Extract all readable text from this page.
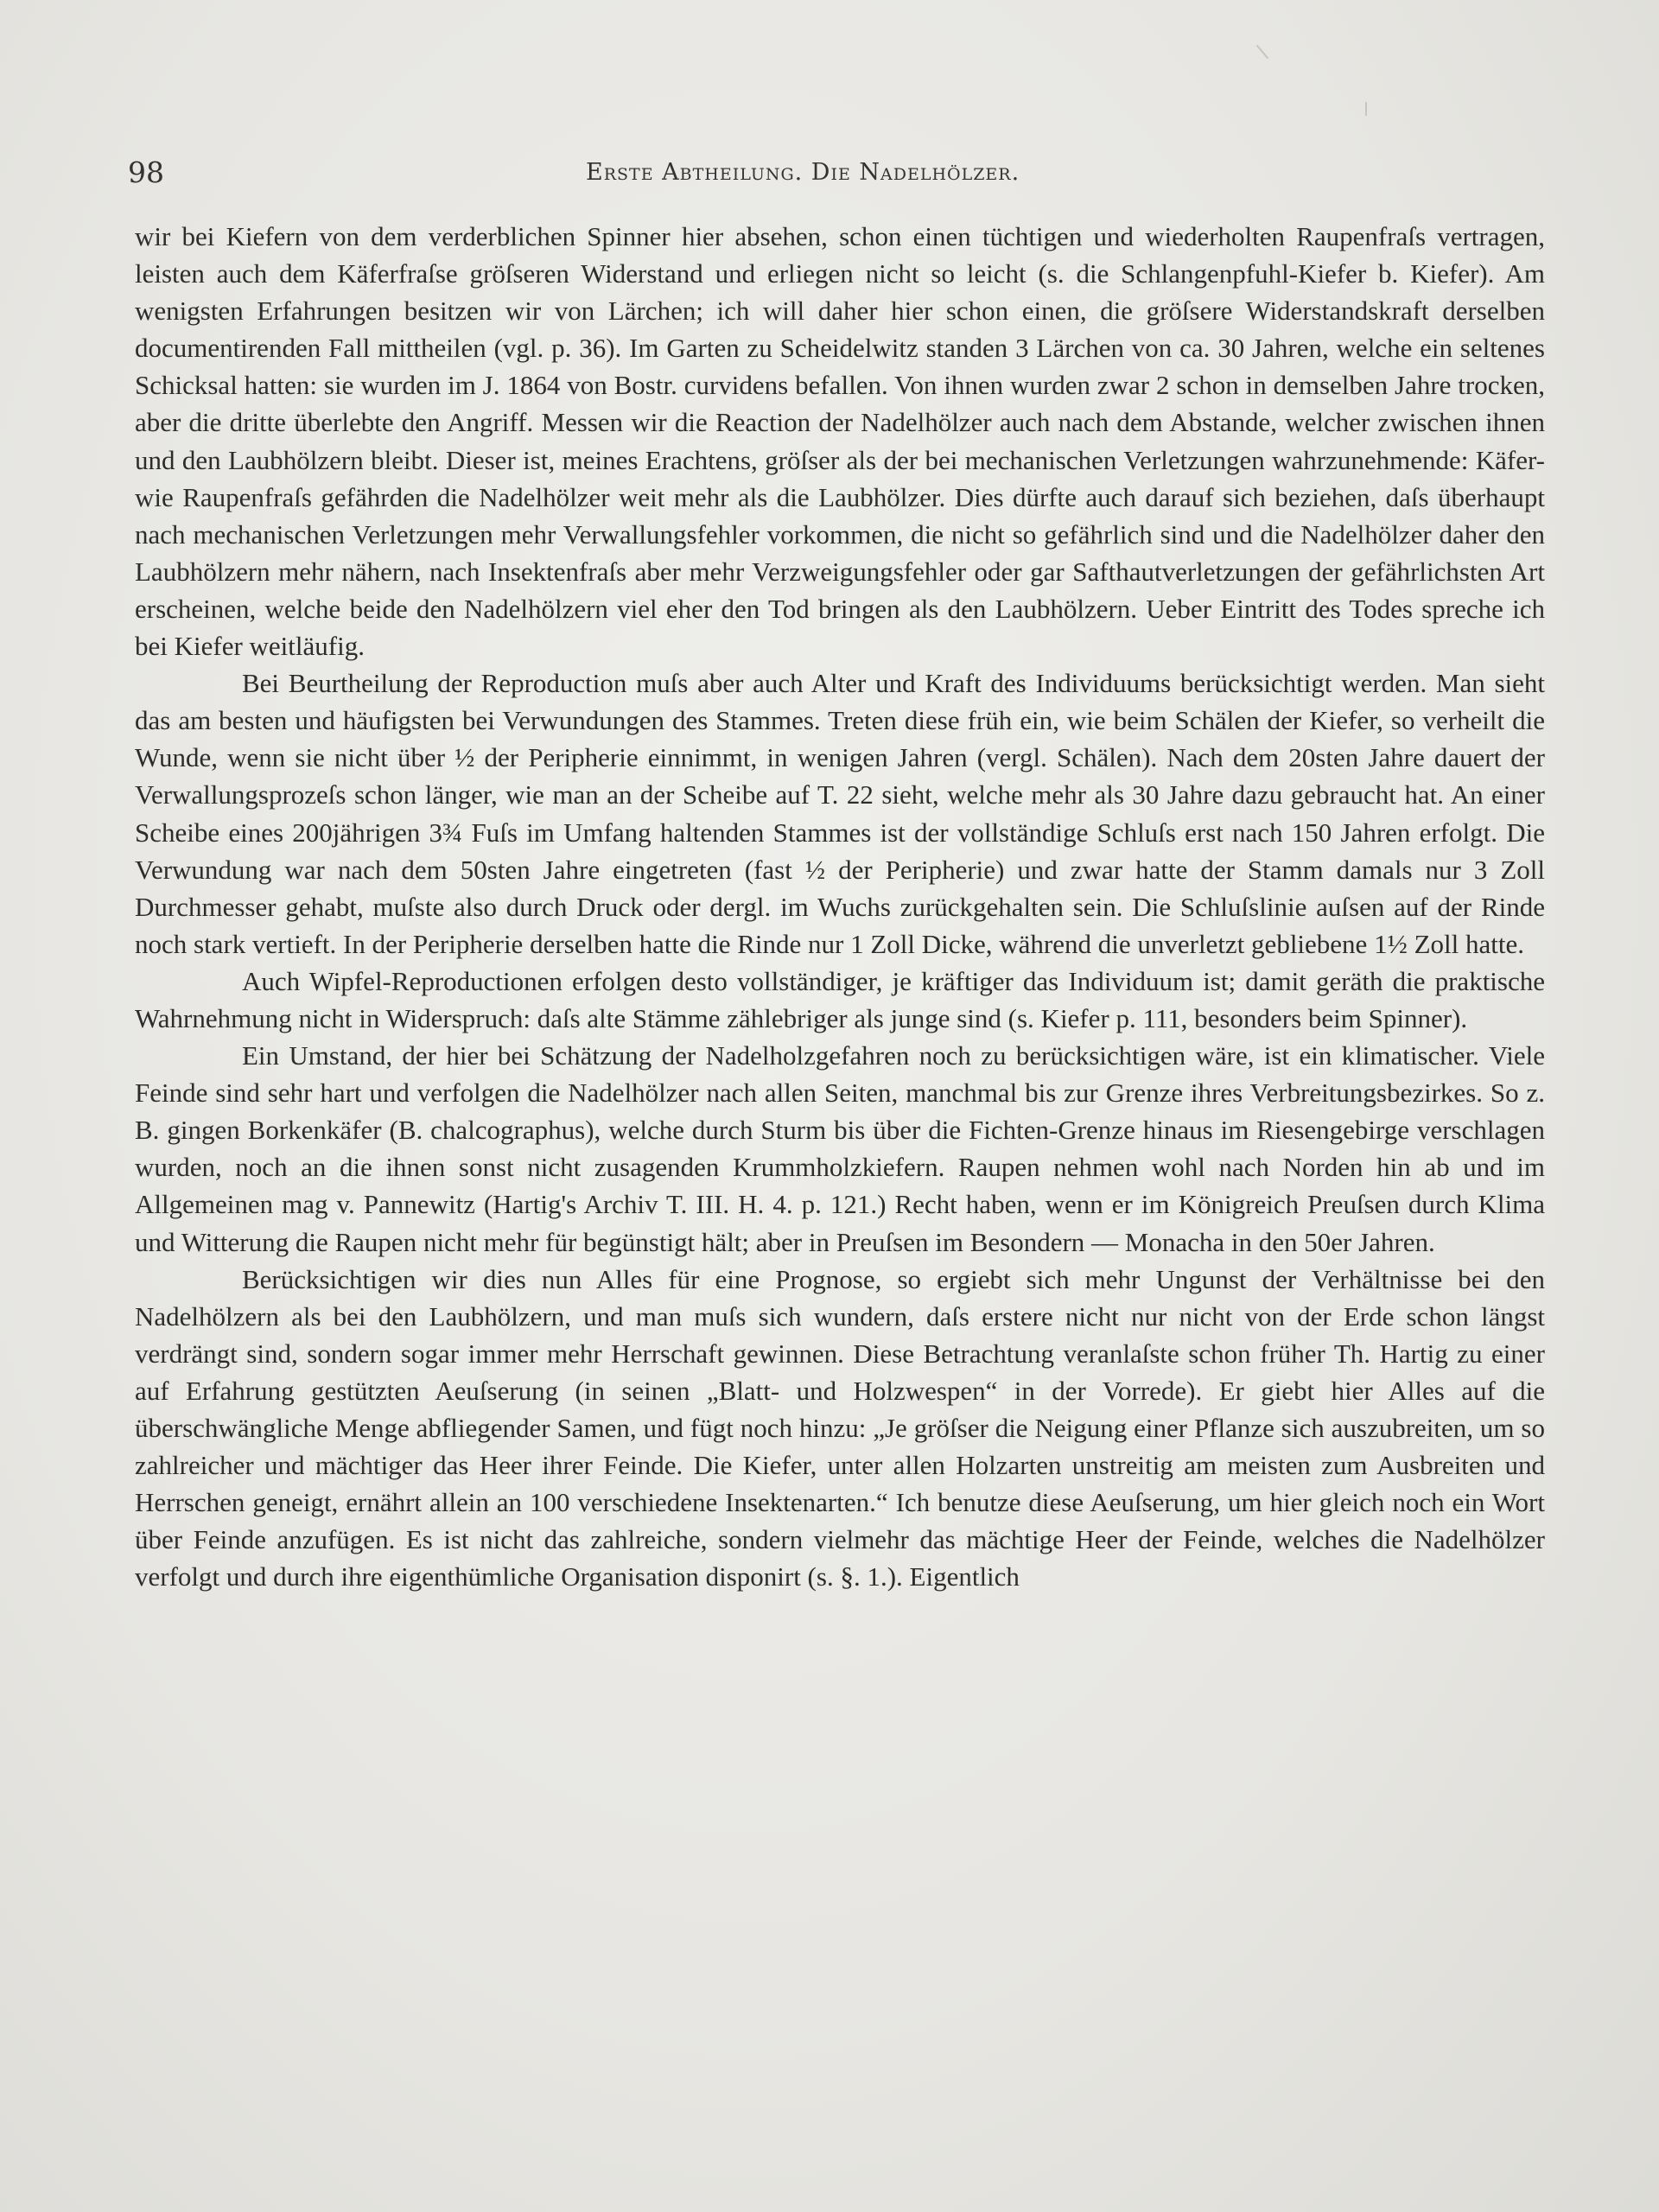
98	Erste Abtheilung. Die Nadelhölzer.

wir bei Kiefern von dem verderblichen Spinner hier absehen, schon einen tüchtigen und wiederholten Raupenfraſs vertragen, leisten auch dem Käferfraſse gröſseren Widerstand und erliegen nicht so leicht (s. die Schlangenpfuhl-Kiefer b. Kiefer). Am wenigsten Erfahrungen besitzen wir von Lärchen; ich will daher hier schon einen, die gröſsere Widerstandskraft derselben documentirenden Fall mittheilen (vgl. p. 36). Im Garten zu Scheidelwitz standen 3 Lärchen von ca. 30 Jahren, welche ein seltenes Schicksal hatten: sie wurden im J. 1864 von Bostr. curvidens befallen. Von ihnen wurden zwar 2 schon in demselben Jahre trocken, aber die dritte überlebte den Angriff. Messen wir die Reaction der Nadelhölzer auch nach dem Abstande, welcher zwischen ihnen und den Laubhölzern bleibt. Dieser ist, meines Erachtens, gröſser als der bei mechanischen Verletzungen wahrzunehmende: Käfer- wie Raupenfraſs gefährden die Nadelhölzer weit mehr als die Laubhölzer. Dies dürfte auch darauf sich beziehen, daſs überhaupt nach mechanischen Verletzungen mehr Verwallungsfehler vorkommen, die nicht so gefährlich sind und die Nadelhölzer daher den Laubhölzern mehr nähern, nach Insektenfraſs aber mehr Verzweigungsfehler oder gar Safthautverletzungen der gefährlichsten Art erscheinen, welche beide den Nadelhölzern viel eher den Tod bringen als den Laubhölzern. Ueber Eintritt des Todes spreche ich bei Kiefer weitläufig.

Bei Beurtheilung der Reproduction muſs aber auch Alter und Kraft des Individuums berücksichtigt werden. Man sieht das am besten und häufigsten bei Verwundungen des Stammes. Treten diese früh ein, wie beim Schälen der Kiefer, so verheilt die Wunde, wenn sie nicht über ½ der Peripherie einnimmt, in wenigen Jahren (vergl. Schälen). Nach dem 20sten Jahre dauert der Verwallungsprozeſs schon länger, wie man an der Scheibe auf T. 22 sieht, welche mehr als 30 Jahre dazu gebraucht hat. An einer Scheibe eines 200jährigen 3¾ Fuſs im Umfang haltenden Stammes ist der vollständige Schluſs erst nach 150 Jahren erfolgt. Die Verwundung war nach dem 50sten Jahre eingetreten (fast ½ der Peripherie) und zwar hatte der Stamm damals nur 3 Zoll Durchmesser gehabt, muſste also durch Druck oder dergl. im Wuchs zurückgehalten sein. Die Schluſslinie auſsen auf der Rinde noch stark vertieft. In der Peripherie derselben hatte die Rinde nur 1 Zoll Dicke, während die unverletzt gebliebene 1½ Zoll hatte.

Auch Wipfel-Reproductionen erfolgen desto vollständiger, je kräftiger das Individuum ist; damit geräth die praktische Wahrnehmung nicht in Widerspruch: daſs alte Stämme zählebriger als junge sind (s. Kiefer p. 111, besonders beim Spinner).

Ein Umstand, der hier bei Schätzung der Nadelholzgefahren noch zu berücksichtigen wäre, ist ein klimatischer. Viele Feinde sind sehr hart und verfolgen die Nadelhölzer nach allen Seiten, manchmal bis zur Grenze ihres Verbreitungsbezirkes. So z. B. gingen Borkenkäfer (B. chalcographus), welche durch Sturm bis über die Fichten-Grenze hinaus im Riesengebirge verschlagen wurden, noch an die ihnen sonst nicht zusagenden Krummholzkiefern. Raupen nehmen wohl nach Norden hin ab und im Allgemeinen mag v. Pannewitz (Hartig's Archiv T. III. H. 4. p. 121.) Recht haben, wenn er im Königreich Preuſsen durch Klima und Witterung die Raupen nicht mehr für begünstigt hält; aber in Preuſsen im Besondern — Monacha in den 50er Jahren.

Berücksichtigen wir dies nun Alles für eine Prognose, so ergiebt sich mehr Ungunst der Verhältnisse bei den Nadelhölzern als bei den Laubhölzern, und man muſs sich wundern, daſs erstere nicht nur nicht von der Erde schon längst verdrängt sind, sondern sogar immer mehr Herrschaft gewinnen. Diese Betrachtung veranlaſste schon früher Th. Hartig zu einer auf Erfahrung gestützten Aeuſserung (in seinen „Blatt- und Holzwespen“ in der Vorrede). Er giebt hier Alles auf die überschwängliche Menge abfliegender Samen, und fügt noch hinzu: „Je gröſser die Neigung einer Pflanze sich auszubreiten, um so zahlreicher und mächtiger das Heer ihrer Feinde. Die Kiefer, unter allen Holzarten unstreitig am meisten zum Ausbreiten und Herrschen geneigt, ernährt allein an 100 verschiedene Insektenarten.“ Ich benutze diese Aeuſserung, um hier gleich noch ein Wort über Feinde anzufügen. Es ist nicht das zahlreiche, sondern vielmehr das mächtige Heer der Feinde, welches die Nadelhölzer verfolgt und durch ihre eigenthümliche Organisation disponirt (s. §. 1.). Eigentlich
